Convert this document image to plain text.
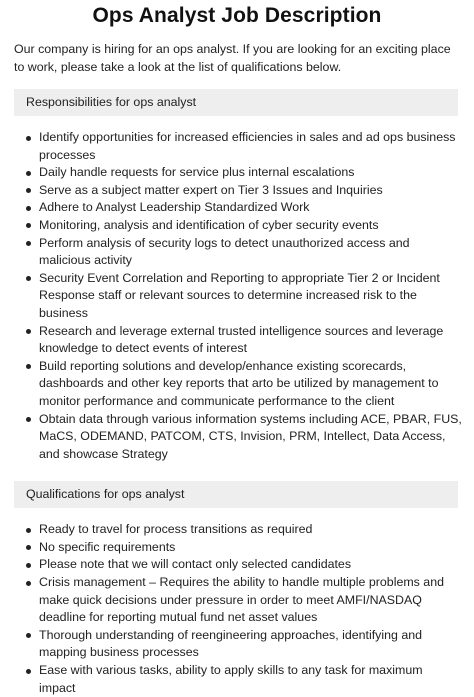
Ops Analyst Job Description

Our company is hiring for an ops analyst. If you are looking for an exciting place to work, please take a look at the list of qualifications below.

Responsibilities for ops analyst
Identify opportunities for increased efficiencies in sales and ad ops business processes
Daily handle requests for service plus internal escalations
Serve as a subject matter expert on Tier 3 Issues and Inquiries
Adhere to Analyst Leadership Standardized Work
Monitoring, analysis and identification of cyber security events
Perform analysis of security logs to detect unauthorized access and malicious activity
Security Event Correlation and Reporting to appropriate Tier 2 or Incident Response staff or relevant sources to determine increased risk to the business
Research and leverage external trusted intelligence sources and leverage knowledge to detect events of interest
Build reporting solutions and develop/enhance existing scorecards, dashboards and other key reports that arto be utilized by management to monitor performance and communicate performance to the client
Obtain data through various information systems including ACE, PBAR, FUS, MaCS, ODEMAND, PATCOM, CTS, Invision, PRM, Intellect, Data Access, and showcase Strategy
Qualifications for ops analyst
Ready to travel for process transitions as required
No specific requirements
Please note that we will contact only selected candidates
Crisis management – Requires the ability to handle multiple problems and make quick decisions under pressure in order to meet AMFI/NASDAQ deadline for reporting mutual fund net asset values
Thorough understanding of reengineering approaches, identifying and mapping business processes
Ease with various tasks, ability to apply skills to any task for maximum impact
